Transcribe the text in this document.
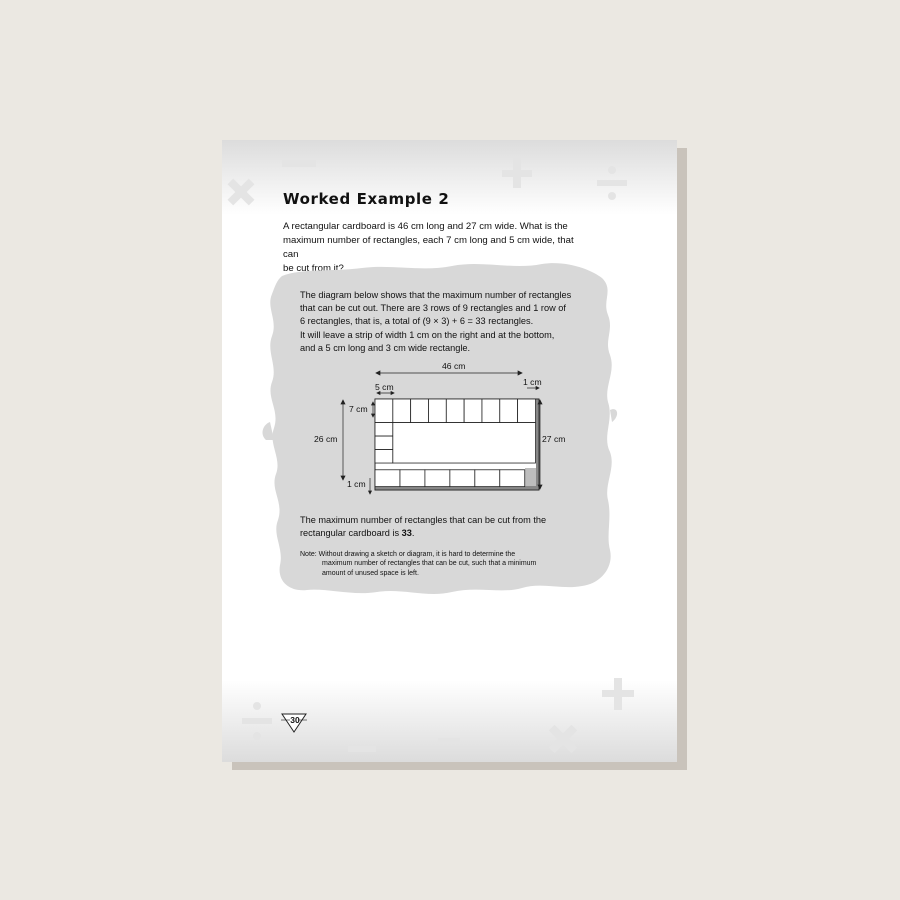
Worked Example 2
A rectangular cardboard is 46 cm long and 27 cm wide. What is the
maximum number of rectangles, each 7 cm long and 5 cm wide, that can
be cut from it?
The diagram below shows that the maximum number of rectangles
that can be cut out. There are 3 rows of 9 rectangles and 1 row of
6 rectangles, that is, a total of (9 × 3) + 6 = 33 rectangles.
It will leave a strip of width 1 cm on the right and at the bottom,
and a 5 cm long and 3 cm wide rectangle.
46 cm
5 cm	1 cm
7 cm
26 cm	27 cm
1 cm
The maximum number of rectangles that can be cut from the
rectangular cardboard is 33.
Note: Without drawing a sketch or diagram, it is hard to determine the
maximum number of rectangles that can be cut, such that a minimum
amount of unused space is left.
30
